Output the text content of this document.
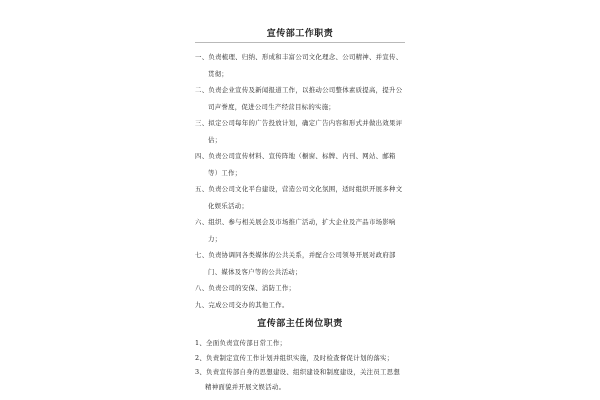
宣传部工作职责

一、负责梳理、归纳、形成和丰富公司文化理念、公司精神、并宣传、贯彻；

二、负责企业宣传及新闻报道工作，以推动公司整体素质提高，提升公司声誉度，促进公司生产经营目标的实施；

三、拟定公司每年的广告投放计划，确定广告内容和形式并做出效果评估；

四、负责公司宣传材料、宣传阵地（橱窗、标牌、内刊、网站、邮箱等）工作；

五、负责公司文化平台建设，营造公司文化氛围，适时组织开展多种文化娱乐活动；

六、组织、参与相关展会及市场推广活动，扩大企业及产品市场影响力；

七、负责协调同各类媒体的公共关系，并配合公司领导开展对政府部门、媒体及客户等的公共活动；

八、负责公司的安保、消防工作；

九、完成公司交办的其他工作。

宣传部主任岗位职责

1、全面负责宣传部日常工作；

2、负责制定宣传工作计划并组织实施，及时检查督促计划的落实；

3、负责宣传部自身的思想建设、组织建设和制度建设，关注员工思想精神面貌并开展文娱活动。
